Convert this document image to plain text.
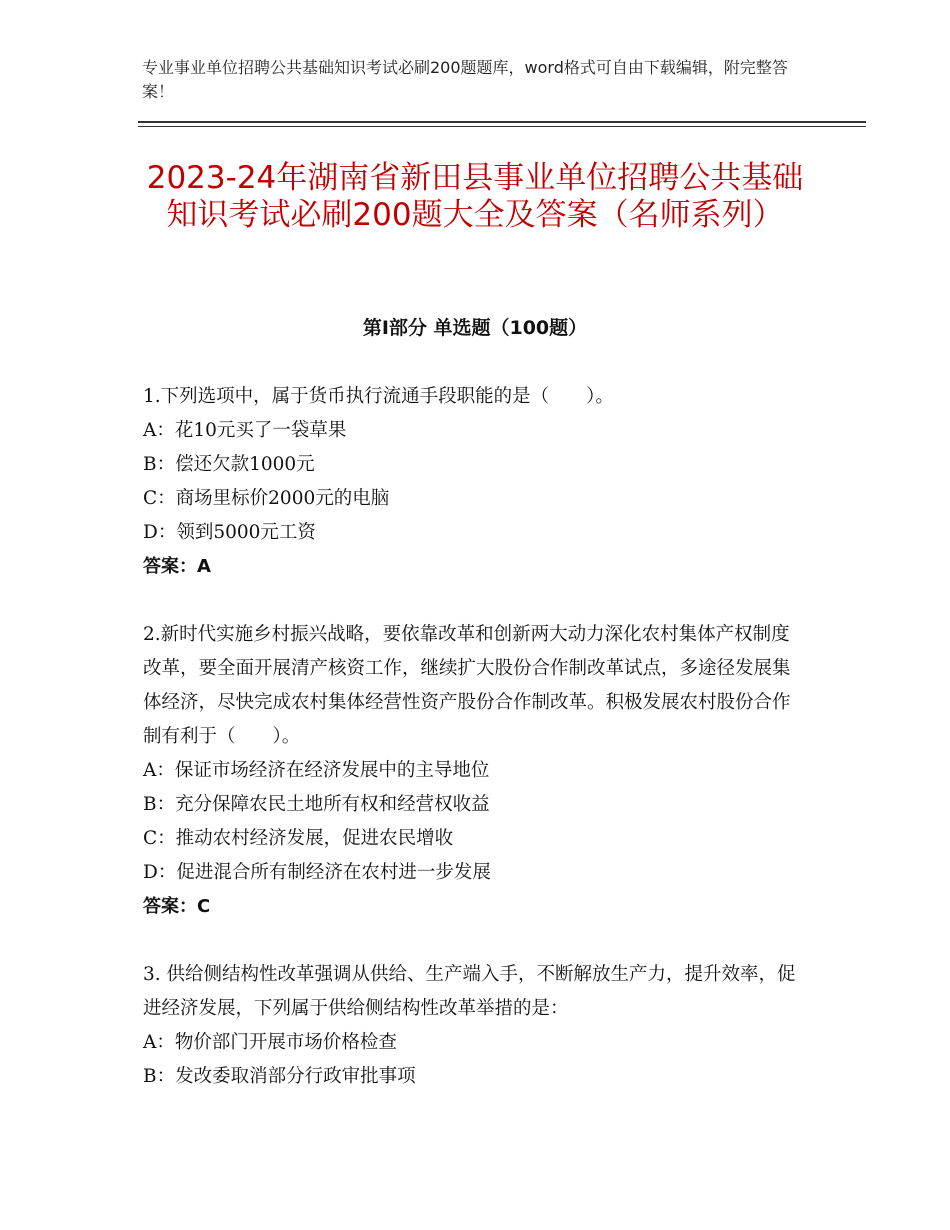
专业事业单位招聘公共基础知识考试必刷200题题库，word格式可自由下载编辑，附完整答案！
2023-24年湖南省新田县事业单位招聘公共基础知识考试必刷200题大全及答案（名师系列）
第Ⅰ部分 单选题（100题）

1.下列选项中，属于货币执行流通手段职能的是（　　）。

A：花10元买了一袋草果

B：偿还欠款1000元

C：商场里标价2000元的电脑

D：领到5000元工资

答案：A

2.新时代实施乡村振兴战略，要依靠改革和创新两大动力深化农村集体产权制度改革，要全面开展清产核资工作，继续扩大股份合作制改革试点，多途径发展集体经济，尽快完成农村集体经营性资产股份合作制改革。积极发展农村股份合作制有利于（　　）。

A：保证市场经济在经济发展中的主导地位

B：充分保障农民土地所有权和经营权收益

C：推动农村经济发展，促进农民增收

D：促进混合所有制经济在农村进一步发展

答案：C

3. 供给侧结构性改革强调从供给、生产端入手，不断解放生产力，提升效率，促进经济发展，下列属于供给侧结构性改革举措的是：

A：物价部门开展市场价格检查

B：发改委取消部分行政审批事项
